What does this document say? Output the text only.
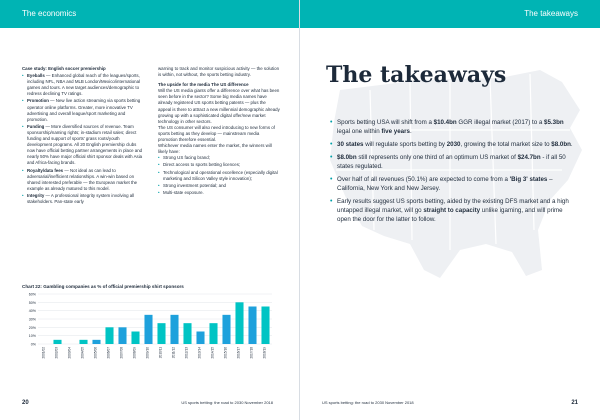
The economics
Case study: English soccer premiership
• Eyeballs — Enhanced global reach of the leagues/sports, including NFL, NBA and MLB London/Mexico/international games and tours. A new target audiences/demographic to redress declining TV ratings.
• Promotion — New live action streaming via sports betting operator online platforms. Greater, more innovative TV advertising and overall league/sport marketing and promotion.
• Funding — More diversified sources of revenue. Team sponsorship/naming rights; in-stadium retail sales; direct funding and support of sports' grass roots/youth development programs. All 20 English premiership clubs now have official betting partner arrangements in place and nearly 50% have major official shirt sponsor deals with Asia and Africa-facing brands.
• Royalty/data fees — Not ideal as can lead to adversarial/inefficient relationships. A win-win based on shared interested preferable — the European market the example as already matured to this model.
• Integrity — A professional integrity system involving all stakeholders. Pan-state early
warning to track and monitor suspicious activity — the solution is within, not without, the sports betting industry.
The upside for the media The US difference
Will the US media giants offer a difference over what has been seen before in the sector? Some big media names have already registered US sports betting patents — plus the appeal is there to attract a new millennial demographic already growing up with a sophisticated digital offer/new market technology in other sectors.
The US consumer will also need introducing to new forms of sports betting as they develop — mainstream media promotion therefore essential.
Whichever media names enter the market, the winners will likely have:
• Strong US facing brand;
• Direct access to sports betting licences;
• Technological and operational excellence (especially digital marketing and Silicon Valley style innovation);
• Strong investment potential; and
• Multi-state exposure.
Chart 22: Gambling companies as % of official premiership shirt sponsors
0%
10%
20%
30%
40%
50%
60%
2001/02	2002/03	2003/04	2004/05	2005/06	2006/07	2007/08	2008/09	2009/10	2010/11	2011/12	2012/13	2013/14	2014/15	2015/16	2016/17	2017/18	2018/19
20	US sports betting: the road to 2030 November 2018
The takeaways
The takeaways
• Sports betting USA will shift from a $10.4bn GGR illegal market (2017) to a $5.3bn legal one within five years.
• 30 states will regulate sports betting by 2030, growing the total market size to $8.0bn.
• $8.0bn still represents only one third of an optimum US market of $24.7bn - if all 50 states regulated.
• Over half of all revenues (50.1%) are expected to come from a 'Big 3' states – California, New York and New Jersey.
• Early results suggest US sports betting, aided by the existing DFS market and a high untapped illegal market, will go straight to capacity unlike igaming, and will prime open the door for the latter to follow.
21
US sports betting: the road to 2030 November 2018
